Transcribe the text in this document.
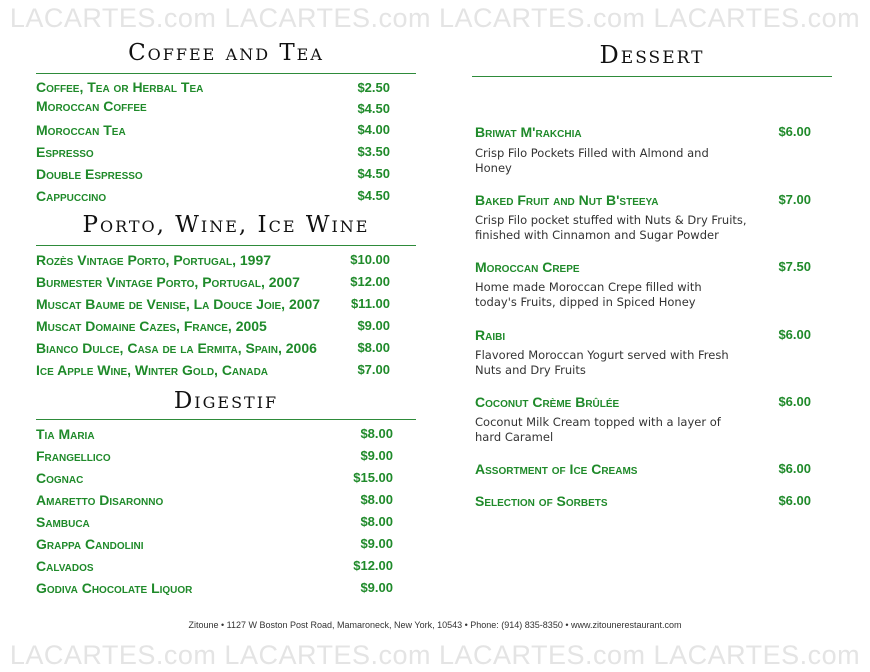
LACARTES.com LACARTES.com LACARTES.com LACARTES.com
Coffee and Tea
Coffee, Tea or Herbal Tea	$2.50
Moroccan Coffee	$4.50
Moroccan Tea	$4.00
Espresso	$3.50
Double Espresso	$4.50
Cappuccino	$4.50
Porto, Wine, Ice Wine
Rozès Vintage Porto, Portugal, 1997	$10.00
Burmester Vintage Porto, Portugal, 2007	$12.00
Muscat Baume de Venise, La Douce Joie, 2007	$11.00
Muscat Domaine Cazes, France, 2005	$9.00
Bianco Dulce, Casa de la Ermita, Spain, 2006	$8.00
Ice Apple Wine, Winter Gold, Canada	$7.00
Digestif
Tia Maria	$8.00
Frangellico	$9.00
Cognac	$15.00
Amaretto Disaronno	$8.00
Sambuca	$8.00
Grappa Candolini	$9.00
Calvados	$12.00
Godiva Chocolate Liquor	$9.00
Dessert
Briwat M'rakchia	$6.00
Crisp Filo Pockets Filled with Almond and Honey
Baked Fruit and Nut B'steeya	$7.00
Crisp Filo pocket stuffed with Nuts & Dry Fruits, finished with Cinnamon and Sugar Powder
Moroccan Crepe	$7.50
Home made Moroccan Crepe filled with today's Fruits, dipped in Spiced Honey
Raibi	$6.00
Flavored Moroccan Yogurt served with Fresh Nuts and Dry Fruits
Coconut Crème Brûlée	$6.00
Coconut Milk Cream topped with a layer of hard Caramel
Assortment of Ice Creams	$6.00
Selection of Sorbets	$6.00
Zitoune • 1127 W Boston Post Road, Mamaroneck, New York, 10543 • Phone: (914) 835-8350 • www.zitounerestaurant.com
LACARTES.com LACARTES.com LACARTES.com LACARTES.com
